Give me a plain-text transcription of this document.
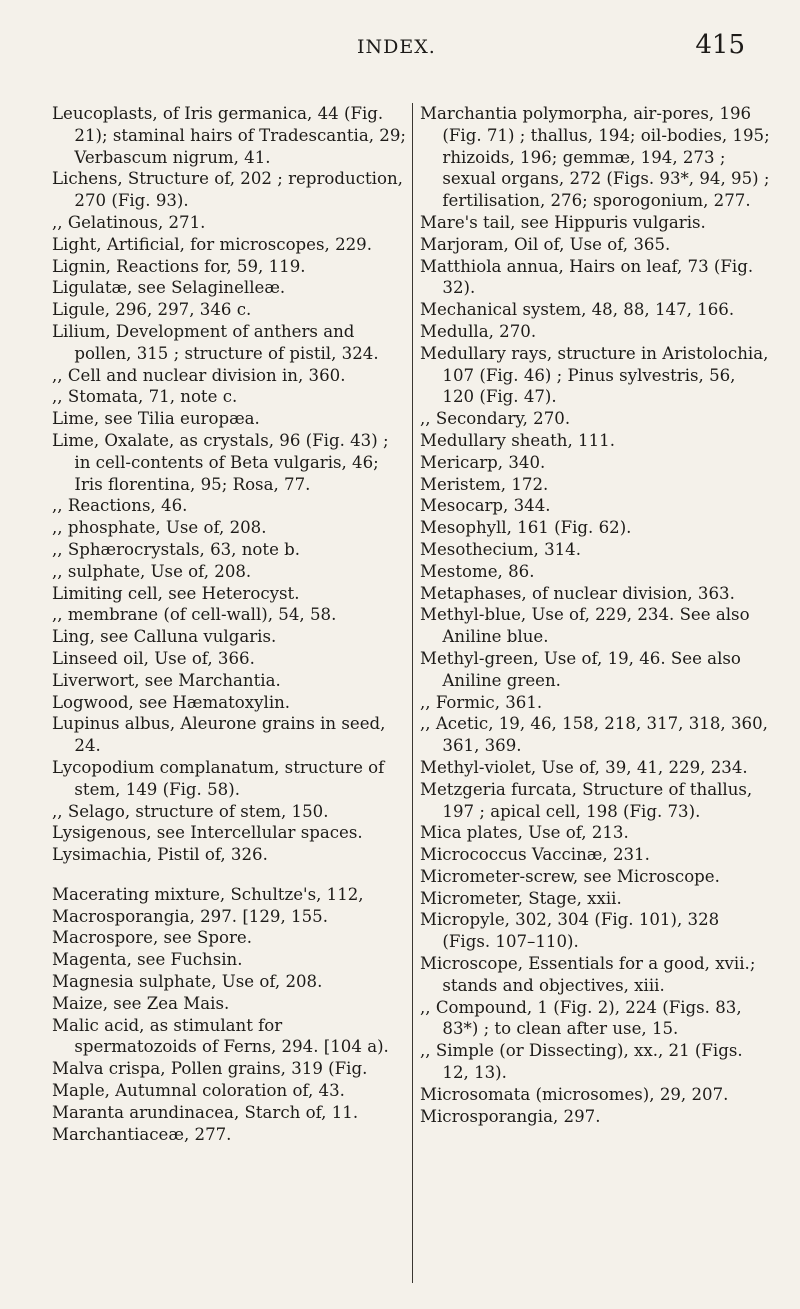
INDEX.	415
Leucoplasts, of Iris germanica, 44 (Fig. 21); staminal hairs of Tradescantia, 29; Verbascum nigrum, 41.
Lichens, Structure of, 202 ; reproduction, 270 (Fig. 93).
,, Gelatinous, 271.
Light, Artificial, for microscopes, 229.
Lignin, Reactions for, 59, 119.
Ligulatæ, see Selaginelleæ.
Ligule, 296, 297, 346 c.
Lilium, Development of anthers and pollen, 315 ; structure of pistil, 324.
,, Cell and nuclear division in, 360.
,, Stomata, 71, note c.
Lime, see Tilia europæa.
Lime, Oxalate, as crystals, 96 (Fig. 43) ; in cell-contents of Beta vulgaris, 46; Iris florentina, 95; Rosa, 77.
,, Reactions, 46.
,, phosphate, Use of, 208.
,, Sphærocrystals, 63, note b.
,, sulphate, Use of, 208.
Limiting cell, see Heterocyst.
,, membrane (of cell-wall), 54, 58.
Ling, see Calluna vulgaris.
Linseed oil, Use of, 366.
Liverwort, see Marchantia.
Logwood, see Hæmatoxylin.
Lupinus albus, Aleurone grains in seed, 24.
Lycopodium complanatum, structure of stem, 149 (Fig. 58).
,, Selago, structure of stem, 150.
Lysigenous, see Intercellular spaces.
Lysimachia, Pistil of, 326.
Macerating mixture, Schultze's, 112,
Macrosporangia, 297. [129, 155.
Macrospore, see Spore.
Magenta, see Fuchsin.
Magnesia sulphate, Use of, 208.
Maize, see Zea Mais.
Malic acid, as stimulant for spermatozoids of Ferns, 294. [104 a).
Malva crispa, Pollen grains, 319 (Fig.
Maple, Autumnal coloration of, 43.
Maranta arundinacea, Starch of, 11.
Marchantiaceæ, 277.
Marchantia polymorpha, air-pores, 196 (Fig. 71) ; thallus, 194; oil-bodies, 195; rhizoids, 196; gemmæ, 194, 273 ; sexual organs, 272 (Figs. 93*, 94, 95) ; fertilisation, 276; sporogonium, 277.
Mare's tail, see Hippuris vulgaris.
Marjoram, Oil of, Use of, 365.
Matthiola annua, Hairs on leaf, 73 (Fig. 32).
Mechanical system, 48, 88, 147, 166.
Medulla, 270.
Medullary rays, structure in Aristolochia, 107 (Fig. 46) ; Pinus sylvestris, 56, 120 (Fig. 47).
,, Secondary, 270.
Medullary sheath, 111.
Mericarp, 340.
Meristem, 172.
Mesocarp, 344.
Mesophyll, 161 (Fig. 62).
Mesothecium, 314.
Mestome, 86.
Metaphases, of nuclear division, 363.
Methyl-blue, Use of, 229, 234. See also Aniline blue.
Methyl-green, Use of, 19, 46. See also Aniline green.
,, Formic, 361.
,, Acetic, 19, 46, 158, 218, 317, 318, 360, 361, 369.
Methyl-violet, Use of, 39, 41, 229, 234.
Metzgeria furcata, Structure of thallus, 197 ; apical cell, 198 (Fig. 73).
Mica plates, Use of, 213.
Micrococcus Vaccinæ, 231.
Micrometer-screw, see Microscope.
Micrometer, Stage, xxii.
Micropyle, 302, 304 (Fig. 101), 328 (Figs. 107–110).
Microscope, Essentials for a good, xvii.; stands and objectives, xiii.
,, Compound, 1 (Fig. 2), 224 (Figs. 83, 83*) ; to clean after use, 15.
,, Simple (or Dissecting), xx., 21 (Figs. 12, 13).
Microsomata (microsomes), 29, 207.
Microsporangia, 297.
